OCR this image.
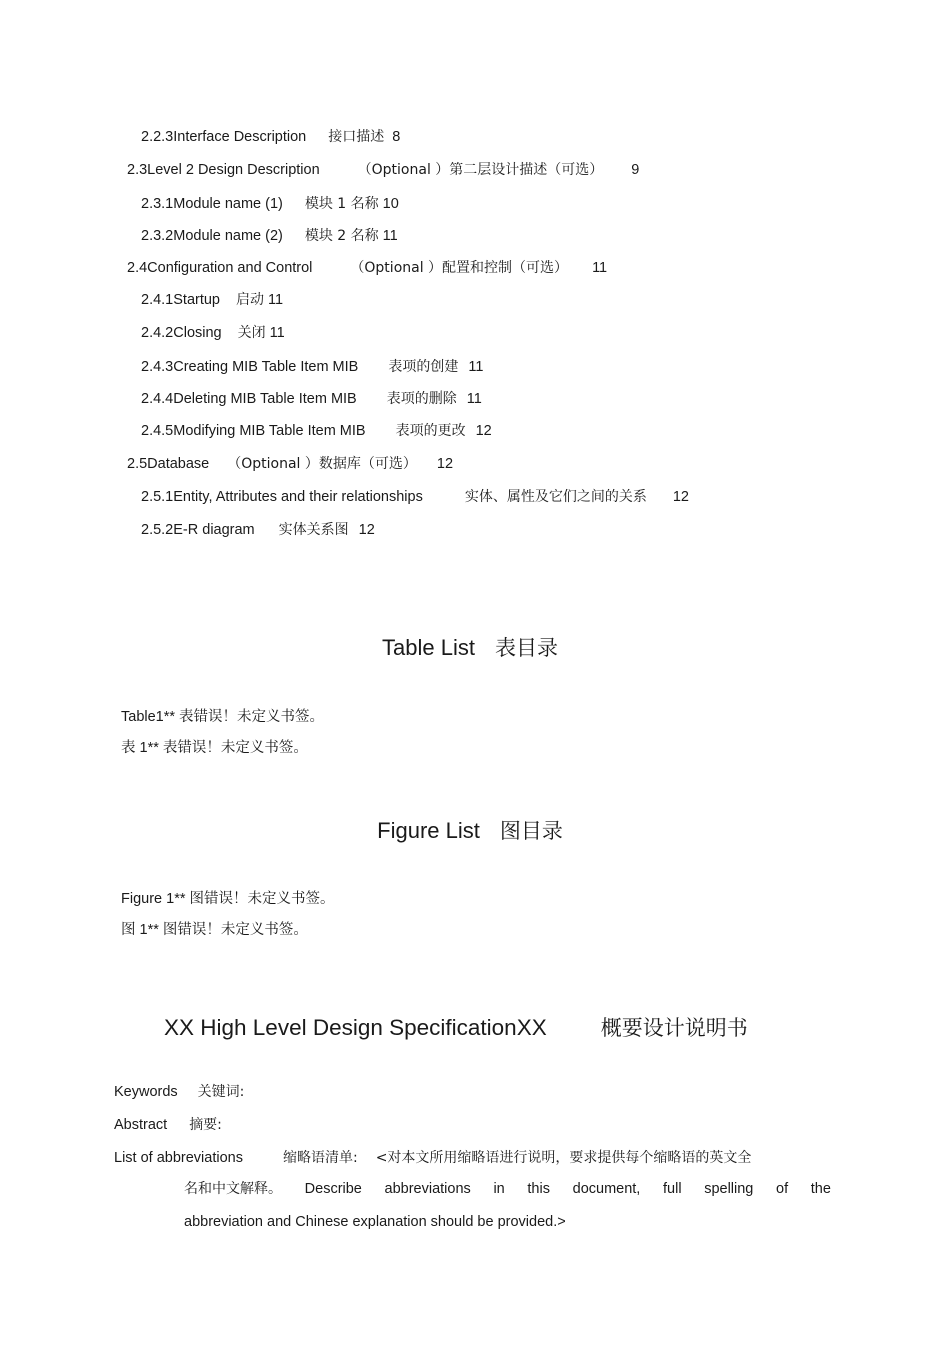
2.2.3Interface Description 接口描述 8
2.3Level 2 Design Description	（Optional ）第二层设计描述（可选） 9
2.3.1Module name (1) 模块 1 名称 10
2.3.2Module name (2) 模块 2 名称 11
2.4Configuration and Control	（Optional ）配置和控制（可选） 11
2.4.1Startup 启动 11
2.4.2Closing 关闭 11
2.4.3Creating MIB Table Item MIB 表项的创建 11
2.4.4Deleting MIB Table Item MIB 表项的删除 11
2.4.5Modifying MIB Table Item MIB 表项的更改 12
2.5Database （Optional ）数据库（可选） 12
2.5.1Entity, Attributes and their relationships	实体、属性及它们之间的关系 12
2.5.2E-R diagram 实体关系图 12
Table List 表目录
Table1** 表错误！未定义书签。
表 1** 表错误！未定义书签。
Figure List 图目录
Figure 1** 图错误！未定义书签。
图 1** 图错误！未定义书签。
XX High Level Design SpecificationXX	概要设计说明书
Keywords 关键词:
Abstract 摘要:
List of abbreviations	缩略语清单: <对本文所用缩略语进行说明，要求提供每个缩略语的英文全
名和中文解释。 Describe abbreviations in this document, full spelling of the
abbreviation and Chinese explanation should be provided.>
